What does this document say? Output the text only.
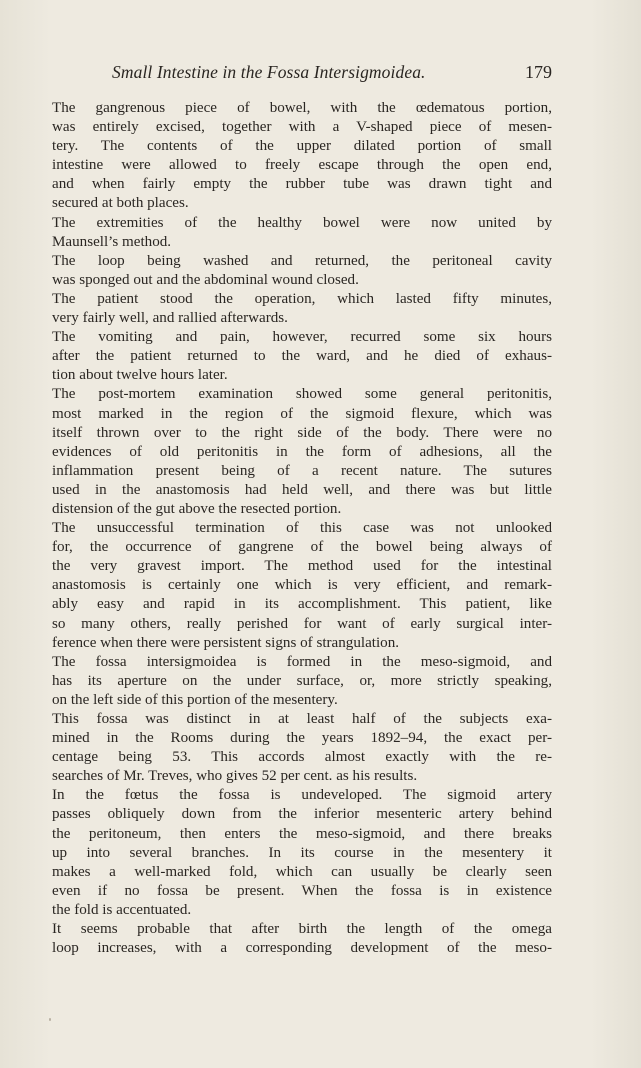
Small Intestine in the Fossa Intersigmoidea.	179
The gangrenous piece of bowel, with the œdematous portion,
was entirely excised, together with a V-shaped piece of mesen-
tery. The contents of the upper dilated portion of small
intestine were allowed to freely escape through the open end,
and when fairly empty the rubber tube was drawn tight and
secured at both places.
The extremities of the healthy bowel were now united by
Maunsell’s method.
The loop being washed and returned, the peritoneal cavity
was sponged out and the abdominal wound closed.
The patient stood the operation, which lasted fifty minutes,
very fairly well, and rallied afterwards.
The vomiting and pain, however, recurred some six hours
after the patient returned to the ward, and he died of exhaus-
tion about twelve hours later.
The post-mortem examination showed some general peritonitis,
most marked in the region of the sigmoid flexure, which was
itself thrown over to the right side of the body. There were no
evidences of old peritonitis in the form of adhesions, all the
inflammation present being of a recent nature. The sutures
used in the anastomosis had held well, and there was but little
distension of the gut above the resected portion.
The unsuccessful termination of this case was not unlooked
for, the occurrence of gangrene of the bowel being always of
the very gravest import. The method used for the intestinal
anastomosis is certainly one which is very efficient, and remark-
ably easy and rapid in its accomplishment. This patient, like
so many others, really perished for want of early surgical inter-
ference when there were persistent signs of strangulation.
The fossa intersigmoidea is formed in the meso-sigmoid, and
has its aperture on the under surface, or, more strictly speaking,
on the left side of this portion of the mesentery.
This fossa was distinct in at least half of the subjects exa-
mined in the Rooms during the years 1892–94, the exact per-
centage being 53. This accords almost exactly with the re-
searches of Mr. Treves, who gives 52 per cent. as his results.
In the fœtus the fossa is undeveloped. The sigmoid artery
passes obliquely down from the inferior mesenteric artery behind
the peritoneum, then enters the meso-sigmoid, and there breaks
up into several branches. In its course in the mesentery it
makes a well-marked fold, which can usually be clearly seen
even if no fossa be present. When the fossa is in existence
the fold is accentuated.
It seems probable that after birth the length of the omega
loop increases, with a corresponding development of the meso-
